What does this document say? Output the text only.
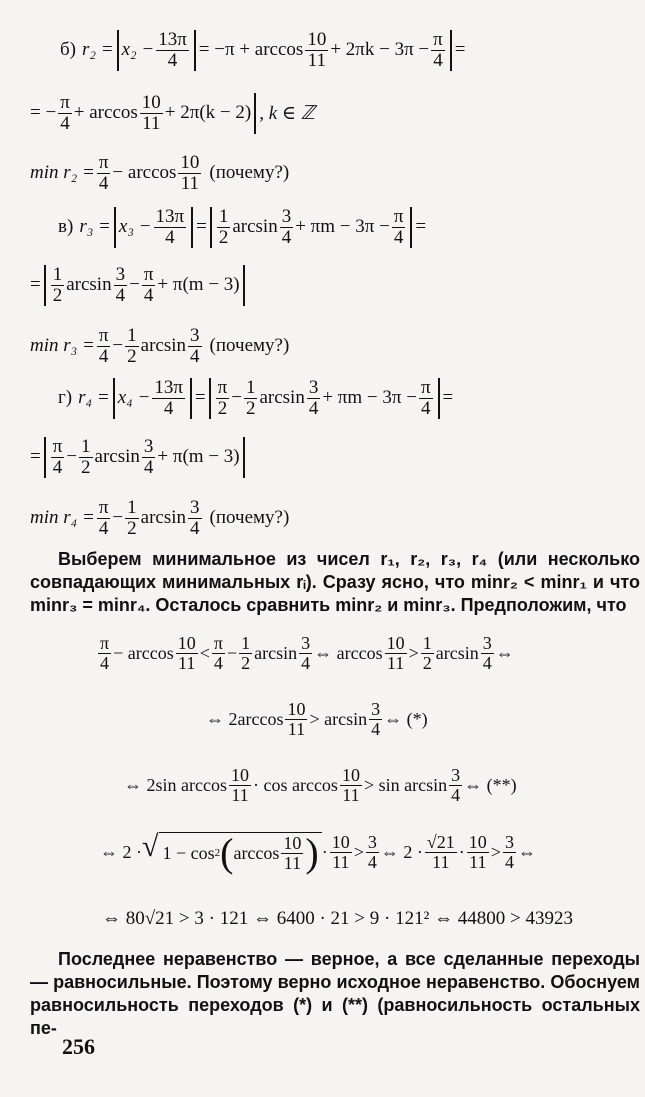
б) $r_2 = x_2 - \frac{13\pi}{4} = -\pi + \arccos \frac{10}{11} + 2\pi k - 3\pi - \frac{\pi}{4}$ =
= − $\frac{\pi}{4} + \arccos \frac{10}{11} + 2\pi(k - 2)$ , k ∈ ℤ
$\min r_2 = \frac{\pi}{4} - \arccos \frac{10}{11}$ (почему?)
в) $r_3 = x_3 - \frac{13\pi}{4} = \frac{1}{2}$ $\arcsin \frac{3}{4} + \pi m - 3\pi - \frac{\pi}{4}$ =
= $\frac{1}{2}$ $\arcsin \frac{3}{4} - \frac{\pi}{4} + \pi(m - 3)$
$\min r_3 = \frac{\pi}{4} - \frac{1}{2}$ $\arcsin \frac{3}{4}$ (почему?)
г) $r_4 = x_4 - \frac{13\pi}{4} = \frac{\pi}{2} - \frac{1}{2}$ $\arcsin \frac{3}{4} + \pi m - 3\pi - \frac{\pi}{4}$ =
= $\frac{\pi}{4} - \frac{1}{2}$ $\arcsin \frac{3}{4} + \pi(m - 3)$
$\min r_4 = \frac{\pi}{4} - \frac{1}{2}$ $\arcsin \frac{3}{4}$ (почему?)
Выберем минимальное из чисел r₁, r₂, r₃, r₄ (или несколько совпадающих минимальных rᵢ). Сразу ясно, что minr₂ < minr₁ и что minr₃ = minr₄. Осталось сравнить minr₂ и minr₃. Предположим, что
$\frac{\pi}{4} - \arccos \frac{10}{11} < \frac{\pi}{4} - \frac{1}{2}$ $\arcsin \frac{3}{4}$ ⇔ $\arccos \frac{10}{11} > \frac{1}{2}$ $\arcsin \frac{3}{4}$ ⇔
⇔ $2\arccos \frac{10}{11} > \arcsin \frac{3}{4}$ ⇔ (*)
⇔ 2sin $\arccos \frac{10}{11} \cdot \cos \arccos \frac{10}{11} > \sin \arcsin \frac{3}{4}$ ⇔ (**)
⇔ 2 · √ 1 − cos 2 ( $\arccos \frac{10}{11}$ ) · $\frac{10}{11} > \frac{3}{4}$ ⇔ $2 \cdot \frac{√21}{11} \cdot \frac{10}{11} > \frac{3}{4}$ ⇔
⇔ 80√21 > 3 · 121 ⇔ 6400 · 21 > 9 · 121² ⇔ 44800 > 43923
Последнее неравенство — верное, а все сделанные переходы — равносильные. Поэтому верно исходное неравенство. Обоснуем равносильность переходов (*) и (**) (равносильность остальных пе-
256
